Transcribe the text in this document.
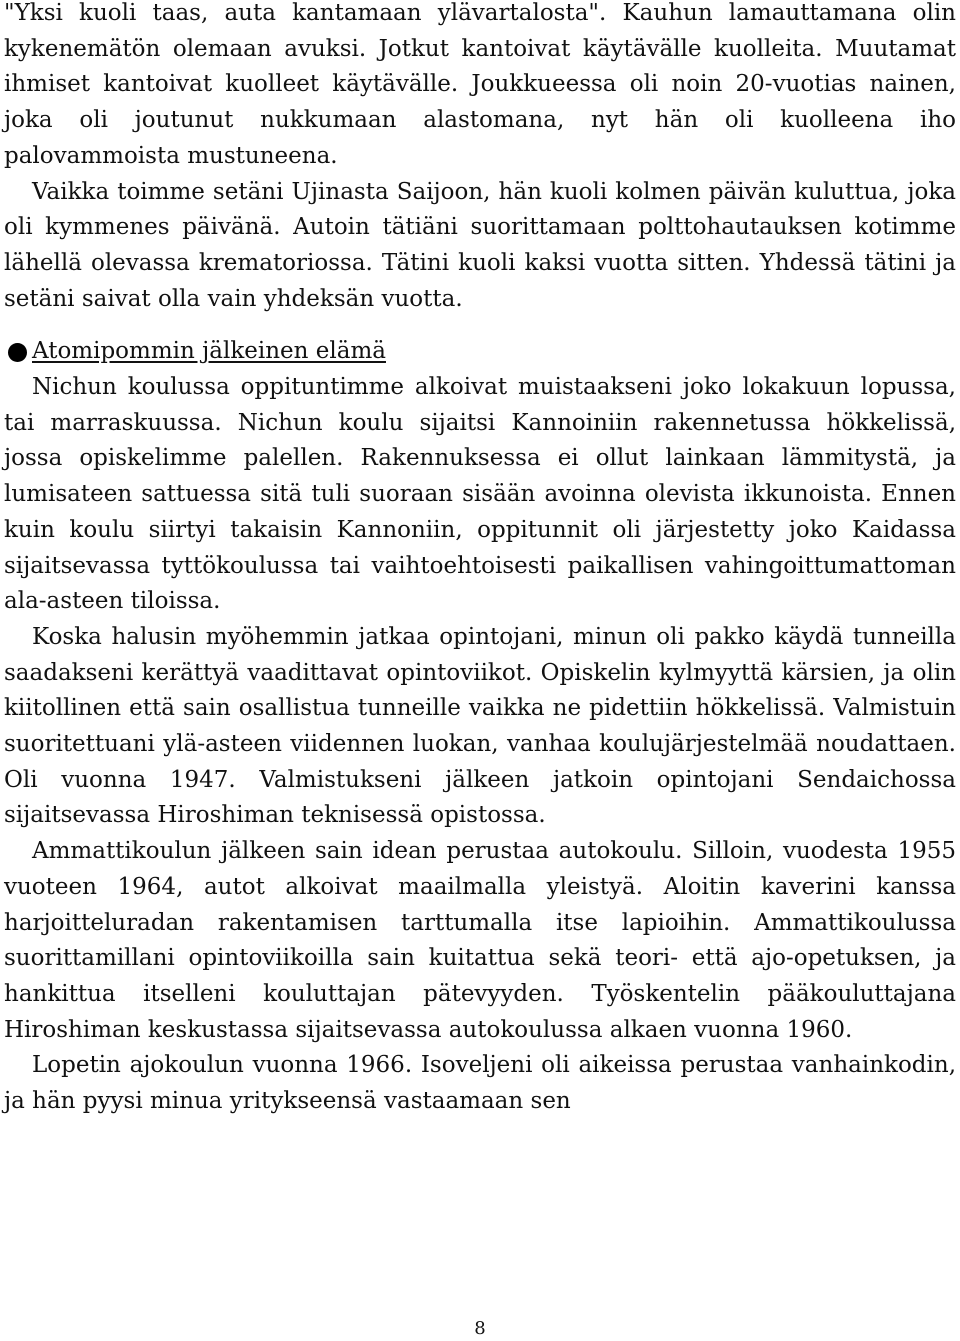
"Yksi kuoli taas, auta kantamaan ylävartalosta". Kauhun lamauttamana olin kykenemätön olemaan avuksi. Jotkut kantoivat käytävälle kuolleita. Muutamat ihmiset kantoivat kuolleet käytävälle. Joukkueessa oli noin 20-vuotias nainen, joka oli joutunut nukkumaan alastomana, nyt hän oli kuolleena iho palovammoista mustuneena.

Vaikka toimme setäni Ujinasta Saijoon, hän kuoli kolmen päivän kuluttua, joka oli kymmenes päivänä. Autoin tätiäni suorittamaan polttohautauksen kotimme lähellä olevassa krematoriossa. Tätini kuoli kaksi vuotta sitten. Yhdessä tätini ja setäni saivat olla vain yhdeksän vuotta.

Atomipommin jälkeinen elämä

Nichun koulussa oppituntimme alkoivat muistaakseni joko lokakuun lopussa, tai marraskuussa. Nichun koulu sijaitsi Kannoiniin rakennetussa hökkelissä, jossa opiskelimme palellen. Rakennuksessa ei ollut lainkaan lämmitystä, ja lumisateen sattuessa sitä tuli suoraan sisään avoinna olevista ikkunoista. Ennen kuin koulu siirtyi takaisin Kannoniin, oppitunnit oli järjestetty joko Kaidassa sijaitsevassa tyttökoulussa tai vaihtoehtoisesti paikallisen vahingoittumattoman ala-asteen tiloissa.

Koska halusin myöhemmin jatkaa opintojani, minun oli pakko käydä tunneilla saadakseni kerättyä vaadittavat opintoviikot. Opiskelin kylmyyttä kärsien, ja olin kiitollinen että sain osallistua tunneille vaikka ne pidettiin hökkelissä. Valmistuin suoritettuani ylä-asteen viidennen luokan, vanhaa koulujärjestelmää noudattaen. Oli vuonna 1947. Valmistukseni jälkeen jatkoin opintojani Sendaichossa sijaitsevassa Hiroshiman teknisessä opistossa.

Ammattikoulun jälkeen sain idean perustaa autokoulu. Silloin, vuodesta 1955 vuoteen 1964, autot alkoivat maailmalla yleistyä. Aloitin kaverini kanssa harjoitteluradan rakentamisen tarttumalla itse lapioihin. Ammattikoulussa suorittamillani opintoviikoilla sain kuitattua sekä teori- että ajo-opetuksen, ja hankittua itselleni kouluttajan pätevyyden. Työskentelin pääkouluttajana Hiroshiman keskustassa sijaitsevassa autokoulussa alkaen vuonna 1960.

Lopetin ajokoulun vuonna 1966. Isoveljeni oli aikeissa perustaa vanhainkodin, ja hän pyysi minua yritykseensä vastaamaan sen

8
